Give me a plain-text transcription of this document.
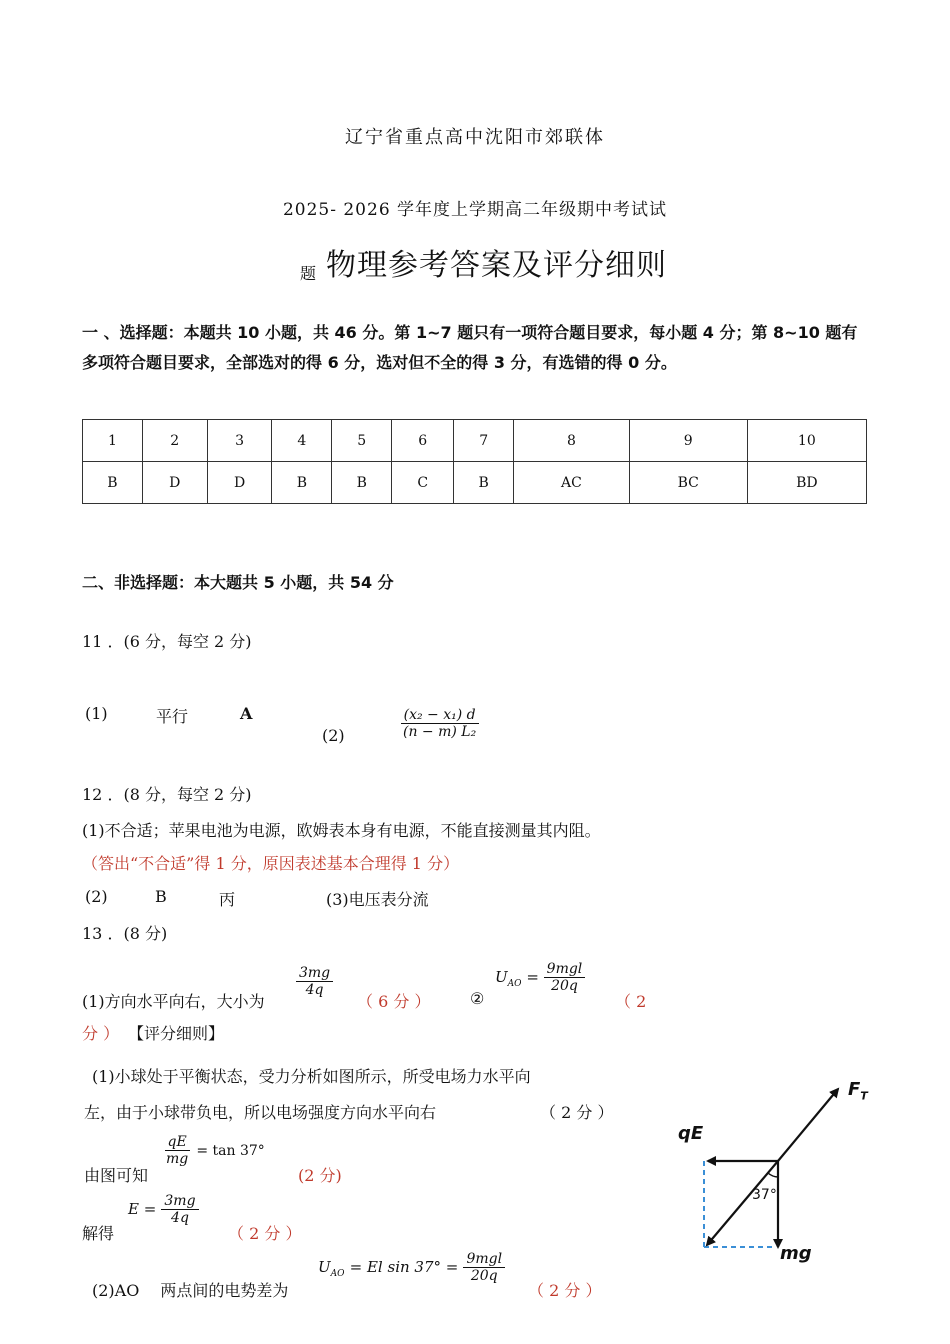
辽宁省重点高中沈阳市郊联体
2025- 2026 学年度上学期高二年级期中考试试
题 物理参考答案及评分细则
一 、选择题：本题共 10 小题，共 46 分。第 1~7 题只有一项符合题目要求，每小题 4 分；第 8~10 题有多项符合题目要求，全部选对的得 6 分，选对但不全的得 3 分，有选错的得 0 分。
1	2	3	4	5	6	7	8	9	10
B	D	D	B	B	C	B	AC	BC	BD
二、非选择题：本大题共 5 小题，共 54 分
11 ．(6 分，每空 2 分)
(1)	平行	A
(2)	$\frac{\text{(x₂ − x₁) d}}{\text{(n − m) L₂}}$
12 ．(8 分，每空 2 分)
(1)不合适；苹果电池为电源，欧姆表本身有电源，不能直接测量其内阻。
（答出“不合适”得 1 分，原因表述基本合理得 1 分）
(2)	B	丙	(3)电压表分流
13 ．(8 分)
(1)方向水平向右，大小为
$\frac{3mg}{4q}$
（ 6 分 ） ②
$U_{AO} = \frac{\text{9mgl}}{20q}$
（ 2
分 ） 【评分细则】
(1)小球处于平衡状态，受力分析如图所示，所受电场力水平向
左，由于小球带负电，所以电场强度方向水平向右	（ 2 分 ）
由图可知
$\frac{qE}{mg} = \tan 37^\circ$
(2 分)
解得
$E = \frac{3mg}{4q}$
（ 2 分 ）
(2)AO　 两点间的电势差为
$U_{AO} = El$ $\sin 37^\circ = \frac{\text{9mgl}}{20q}$
（ 2 分 ）
$F_T$
qE
37°
mg
